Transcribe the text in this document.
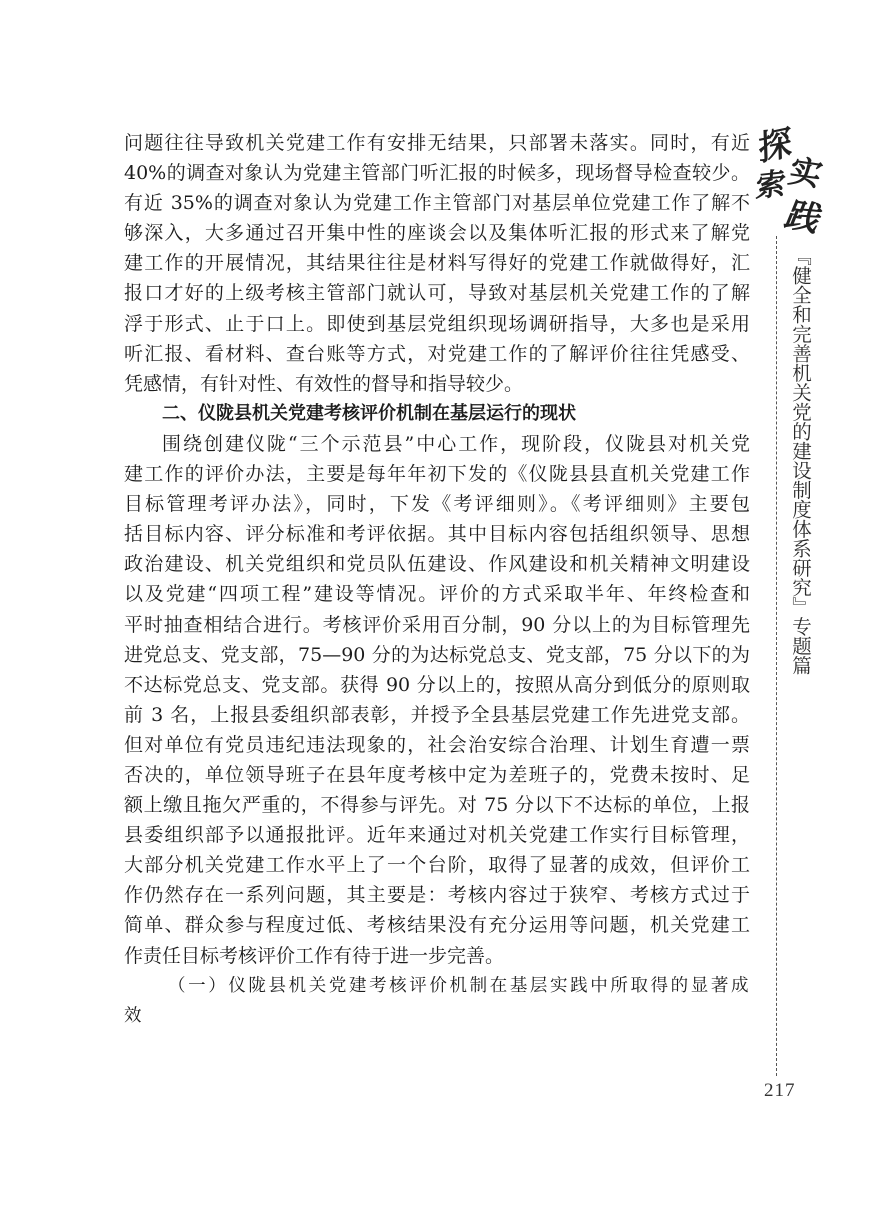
问题往往导致机关党建工作有安排无结果，只部署未落实。同时，有近
40%的调查对象认为党建主管部门听汇报的时候多，现场督导检查较少。
有近 35%的调查对象认为党建工作主管部门对基层单位党建工作了解不
够深入，大多通过召开集中性的座谈会以及集体听汇报的形式来了解党
建工作的开展情况，其结果往往是材料写得好的党建工作就做得好，汇
报口才好的上级考核主管部门就认可，导致对基层机关党建工作的了解
浮于形式、止于口上。即使到基层党组织现场调研指导，大多也是采用
听汇报、看材料、查台账等方式，对党建工作的了解评价往往凭感受、
凭感情，有针对性、有效性的督导和指导较少。
二、仪陇县机关党建考核评价机制在基层运行的现状
围绕创建仪陇“三个示范县”中心工作，现阶段，仪陇县对机关党
建工作的评价办法，主要是每年年初下发的《仪陇县县直机关党建工作
目标管理考评办法》，同时，下发《考评细则》。《考评细则》主要包
括目标内容、评分标准和考评依据。其中目标内容包括组织领导、思想
政治建设、机关党组织和党员队伍建设、作风建设和机关精神文明建设
以及党建“四项工程”建设等情况。评价的方式采取半年、年终检查和
平时抽查相结合进行。考核评价采用百分制，90 分以上的为目标管理先
进党总支、党支部，75—90 分的为达标党总支、党支部，75 分以下的为
不达标党总支、党支部。获得 90 分以上的，按照从高分到低分的原则取
前 3 名，上报县委组织部表彰，并授予全县基层党建工作先进党支部。
但对单位有党员违纪违法现象的，社会治安综合治理、计划生育遭一票
否决的，单位领导班子在县年度考核中定为差班子的，党费未按时、足
额上缴且拖欠严重的，不得参与评先。对 75 分以下不达标的单位，上报
县委组织部予以通报批评。近年来通过对机关党建工作实行目标管理，
大部分机关党建工作水平上了一个台阶，取得了显著的成效，但评价工
作仍然存在一系列问题，其主要是：考核内容过于狭窄、考核方式过于
简单、群众参与程度过低、考核结果没有充分运用等问题，机关党建工
作责任目标考核评价工作有待于进一步完善。
（一）仪陇县机关党建考核评价机制在基层实践中所取得的显著成
效
探
实
索
践
『健全和完善机关党的建设制度体系研究』专题篇
217
